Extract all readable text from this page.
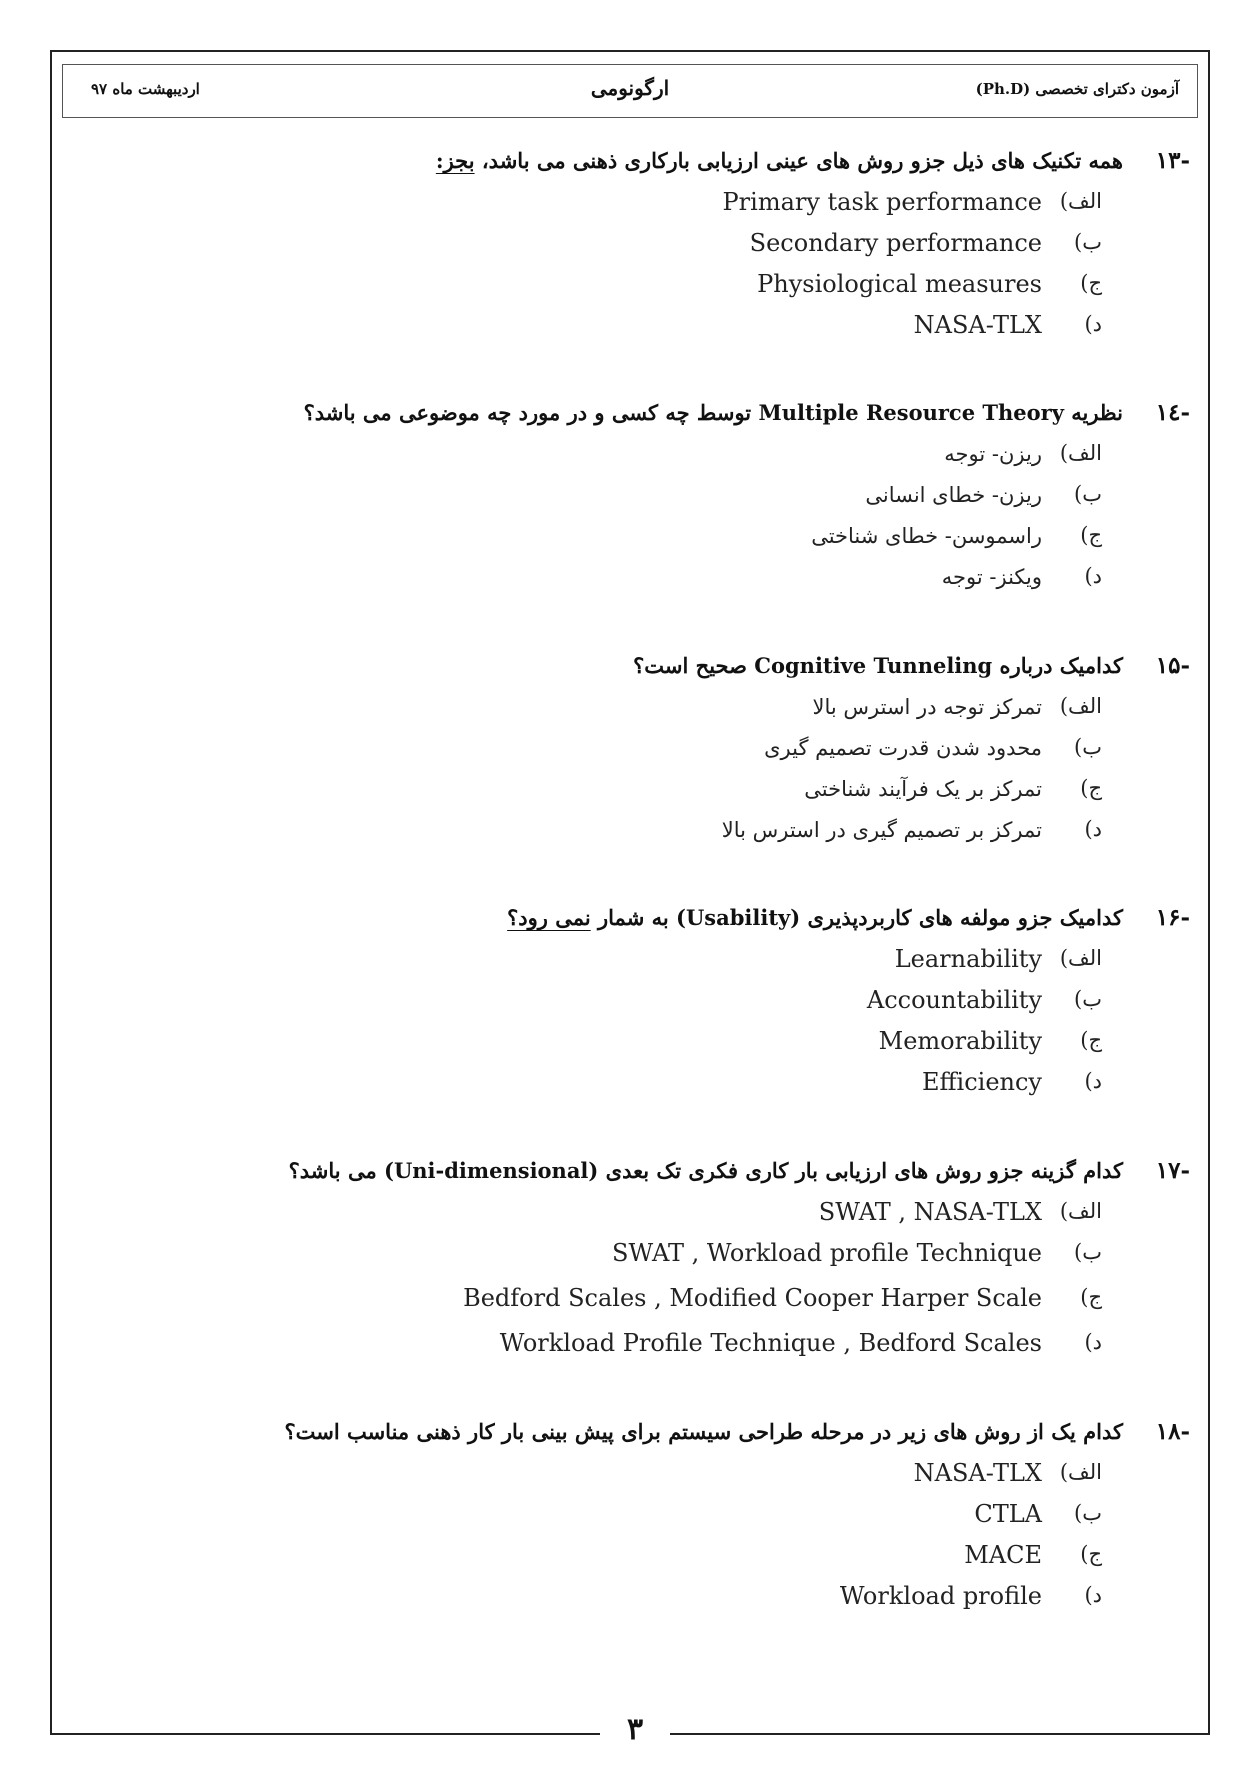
آزمون دکترای تخصصی (Ph.D)
ارگونومی
اردیبهشت ماه ۹۷
-۱۳
همه تکنیک های ذیل جزو روش های عینی ارزیابی بارکاری ذهنی می باشد، بجز:
الف)
Primary task performance
ب)
Secondary performance
ج)
Physiological measures
د)
NASA-TLX
-۱٤
نظریه Multiple Resource Theory توسط چه کسی و در مورد چه موضوعی می باشد؟
الف)
ریزن- توجه
ب)
ریزن- خطای انسانی
ج)
راسموسن- خطای شناختی
د)
ویکنز- توجه
-۱۵
کدامیک درباره Cognitive Tunneling صحیح است؟
الف)
تمرکز توجه در استرس بالا
ب)
محدود شدن قدرت تصمیم گیری
ج)
تمرکز بر یک فرآیند شناختی
د)
تمرکز بر تصمیم گیری در استرس بالا
-۱۶
کدامیک جزو مولفه های کاربردپذیری (Usability) به شمار نمی رود؟
الف)
Learnability
ب)
Accountability
ج)
Memorability
د)
Efficiency
-۱۷
کدام گزینه جزو روش های ارزیابی بار کاری فکری تک بعدی (Uni-dimensional) می باشد؟
الف)
SWAT , NASA-TLX
ب)
SWAT , Workload profile Technique
ج)
Bedford Scales , Modified Cooper Harper Scale
د)
Workload Profile Technique , Bedford Scales
-۱۸
کدام یک از روش های زیر در مرحله طراحی سیستم برای پیش بینی بار کار ذهنی مناسب است؟
الف)
NASA-TLX
ب)
CTLA
ج)
MACE
د)
Workload profile
۳
